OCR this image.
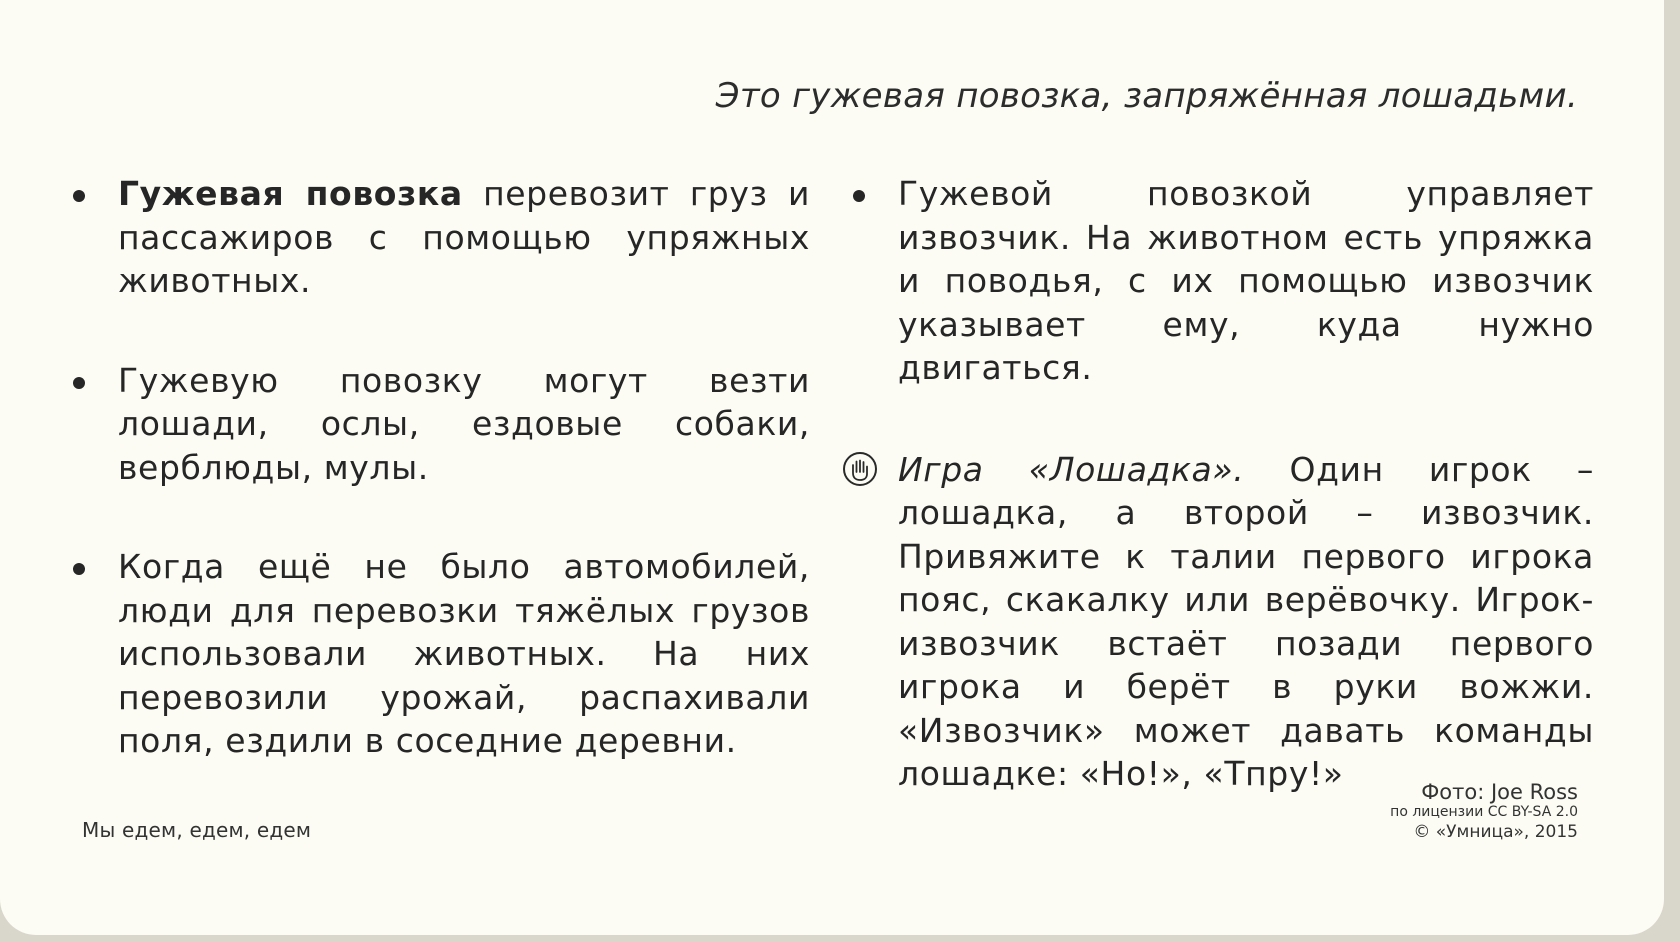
Это гужевая повозка, запряжённая лошадьми.

Гужевая повозка перевозит груз и пассажиров с помощью упряжных животных.

Гужевую повозку могут везти лошади, ослы, ездовые собаки, верблюды, мулы.

Когда ещё не было автомобилей, люди для перевозки тяжёлых грузов использовали животных. На них перевозили урожай, распахивали поля, ездили в соседние деревни.

Гужевой повозкой управляет извозчик. На животном есть упряжка и поводья, с их помощью извозчик указывает ему, куда нужно двигаться.

Игра «Лошадка». Один игрок – лошадка, а второй – извозчик. Привяжите к талии первого игрока пояс, скакалку или верёвочку. Игрок-извозчик встаёт позади первого игрока и берёт в руки вожжи. «Извозчик» может давать команды лошадке: «Но!», «Тпру!»

Мы едем, едем, едем

Фото: Joe Ross
по лицензии CC BY-SA 2.0
© «Умница», 2015
